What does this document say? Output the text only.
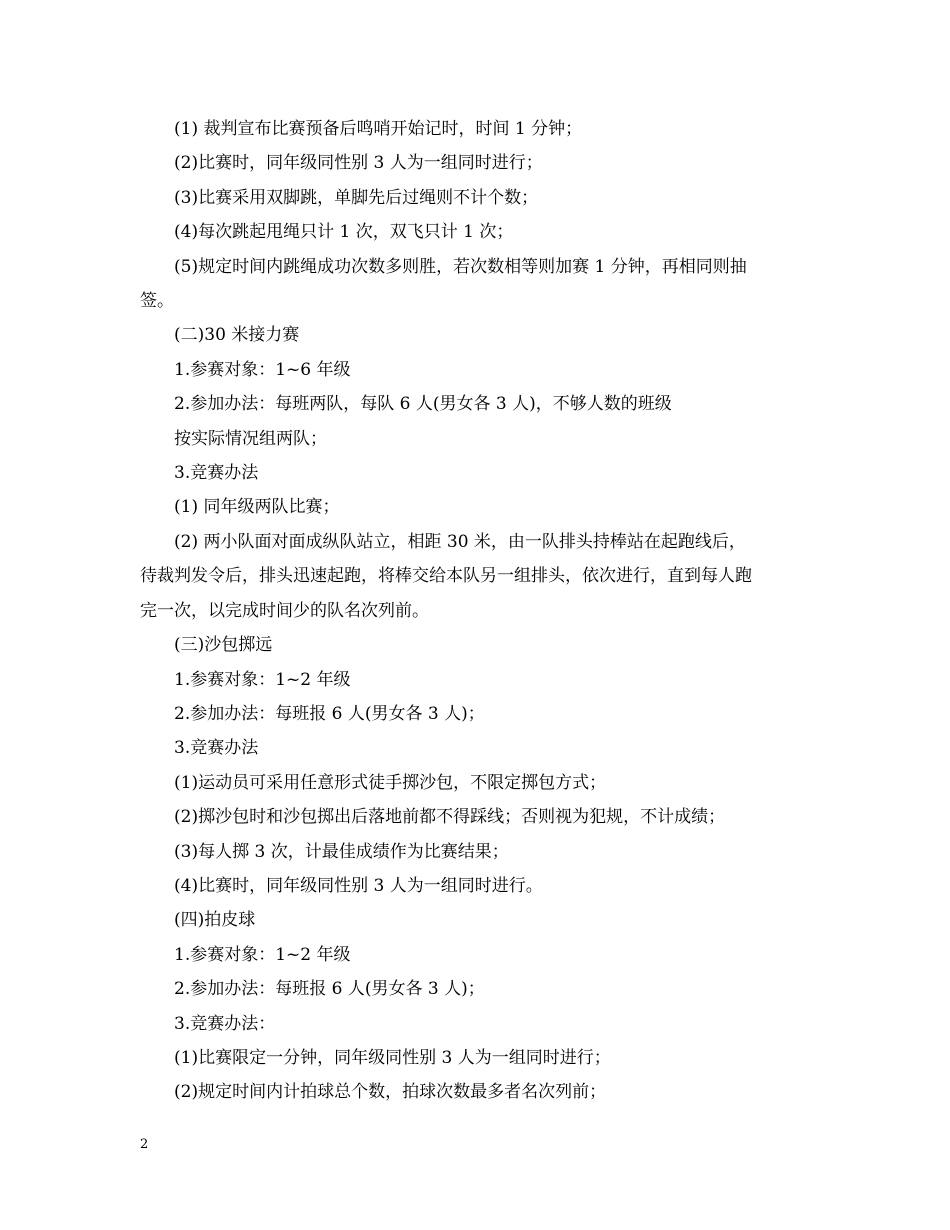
(1) 裁判宣布比赛预备后鸣哨开始记时，时间 1 分钟；
(2)比赛时，同年级同性别 3 人为一组同时进行；
(3)比赛采用双脚跳，单脚先后过绳则不计个数；
(4)每次跳起甩绳只计 1 次，双飞只计 1 次；
(5)规定时间内跳绳成功次数多则胜，若次数相等则加赛 1 分钟，再相同则抽
签。
(二)30 米接力赛
1.参赛对象：1~6 年级
2.参加办法：每班两队，每队 6 人(男女各 3 人)，不够人数的班级
按实际情况组两队；
3.竞赛办法
(1) 同年级两队比赛；
(2) 两小队面对面成纵队站立，相距 30 米，由一队排头持棒站在起跑线后，
待裁判发令后，排头迅速起跑，将棒交给本队另一组排头，依次进行，直到每人跑
完一次，以完成时间少的队名次列前。
(三)沙包掷远
1.参赛对象：1~2 年级
2.参加办法：每班报 6 人(男女各 3 人)；
3.竞赛办法
(1)运动员可采用任意形式徒手掷沙包，不限定掷包方式；
(2)掷沙包时和沙包掷出后落地前都不得踩线；否则视为犯规，不计成绩；
(3)每人掷 3 次，计最佳成绩作为比赛结果；
(4)比赛时，同年级同性别 3 人为一组同时进行。
(四)拍皮球
1.参赛对象：1~2 年级
2.参加办法：每班报 6 人(男女各 3 人)；
3.竞赛办法：
(1)比赛限定一分钟，同年级同性别 3 人为一组同时进行；
(2)规定时间内计拍球总个数，拍球次数最多者名次列前；
2
